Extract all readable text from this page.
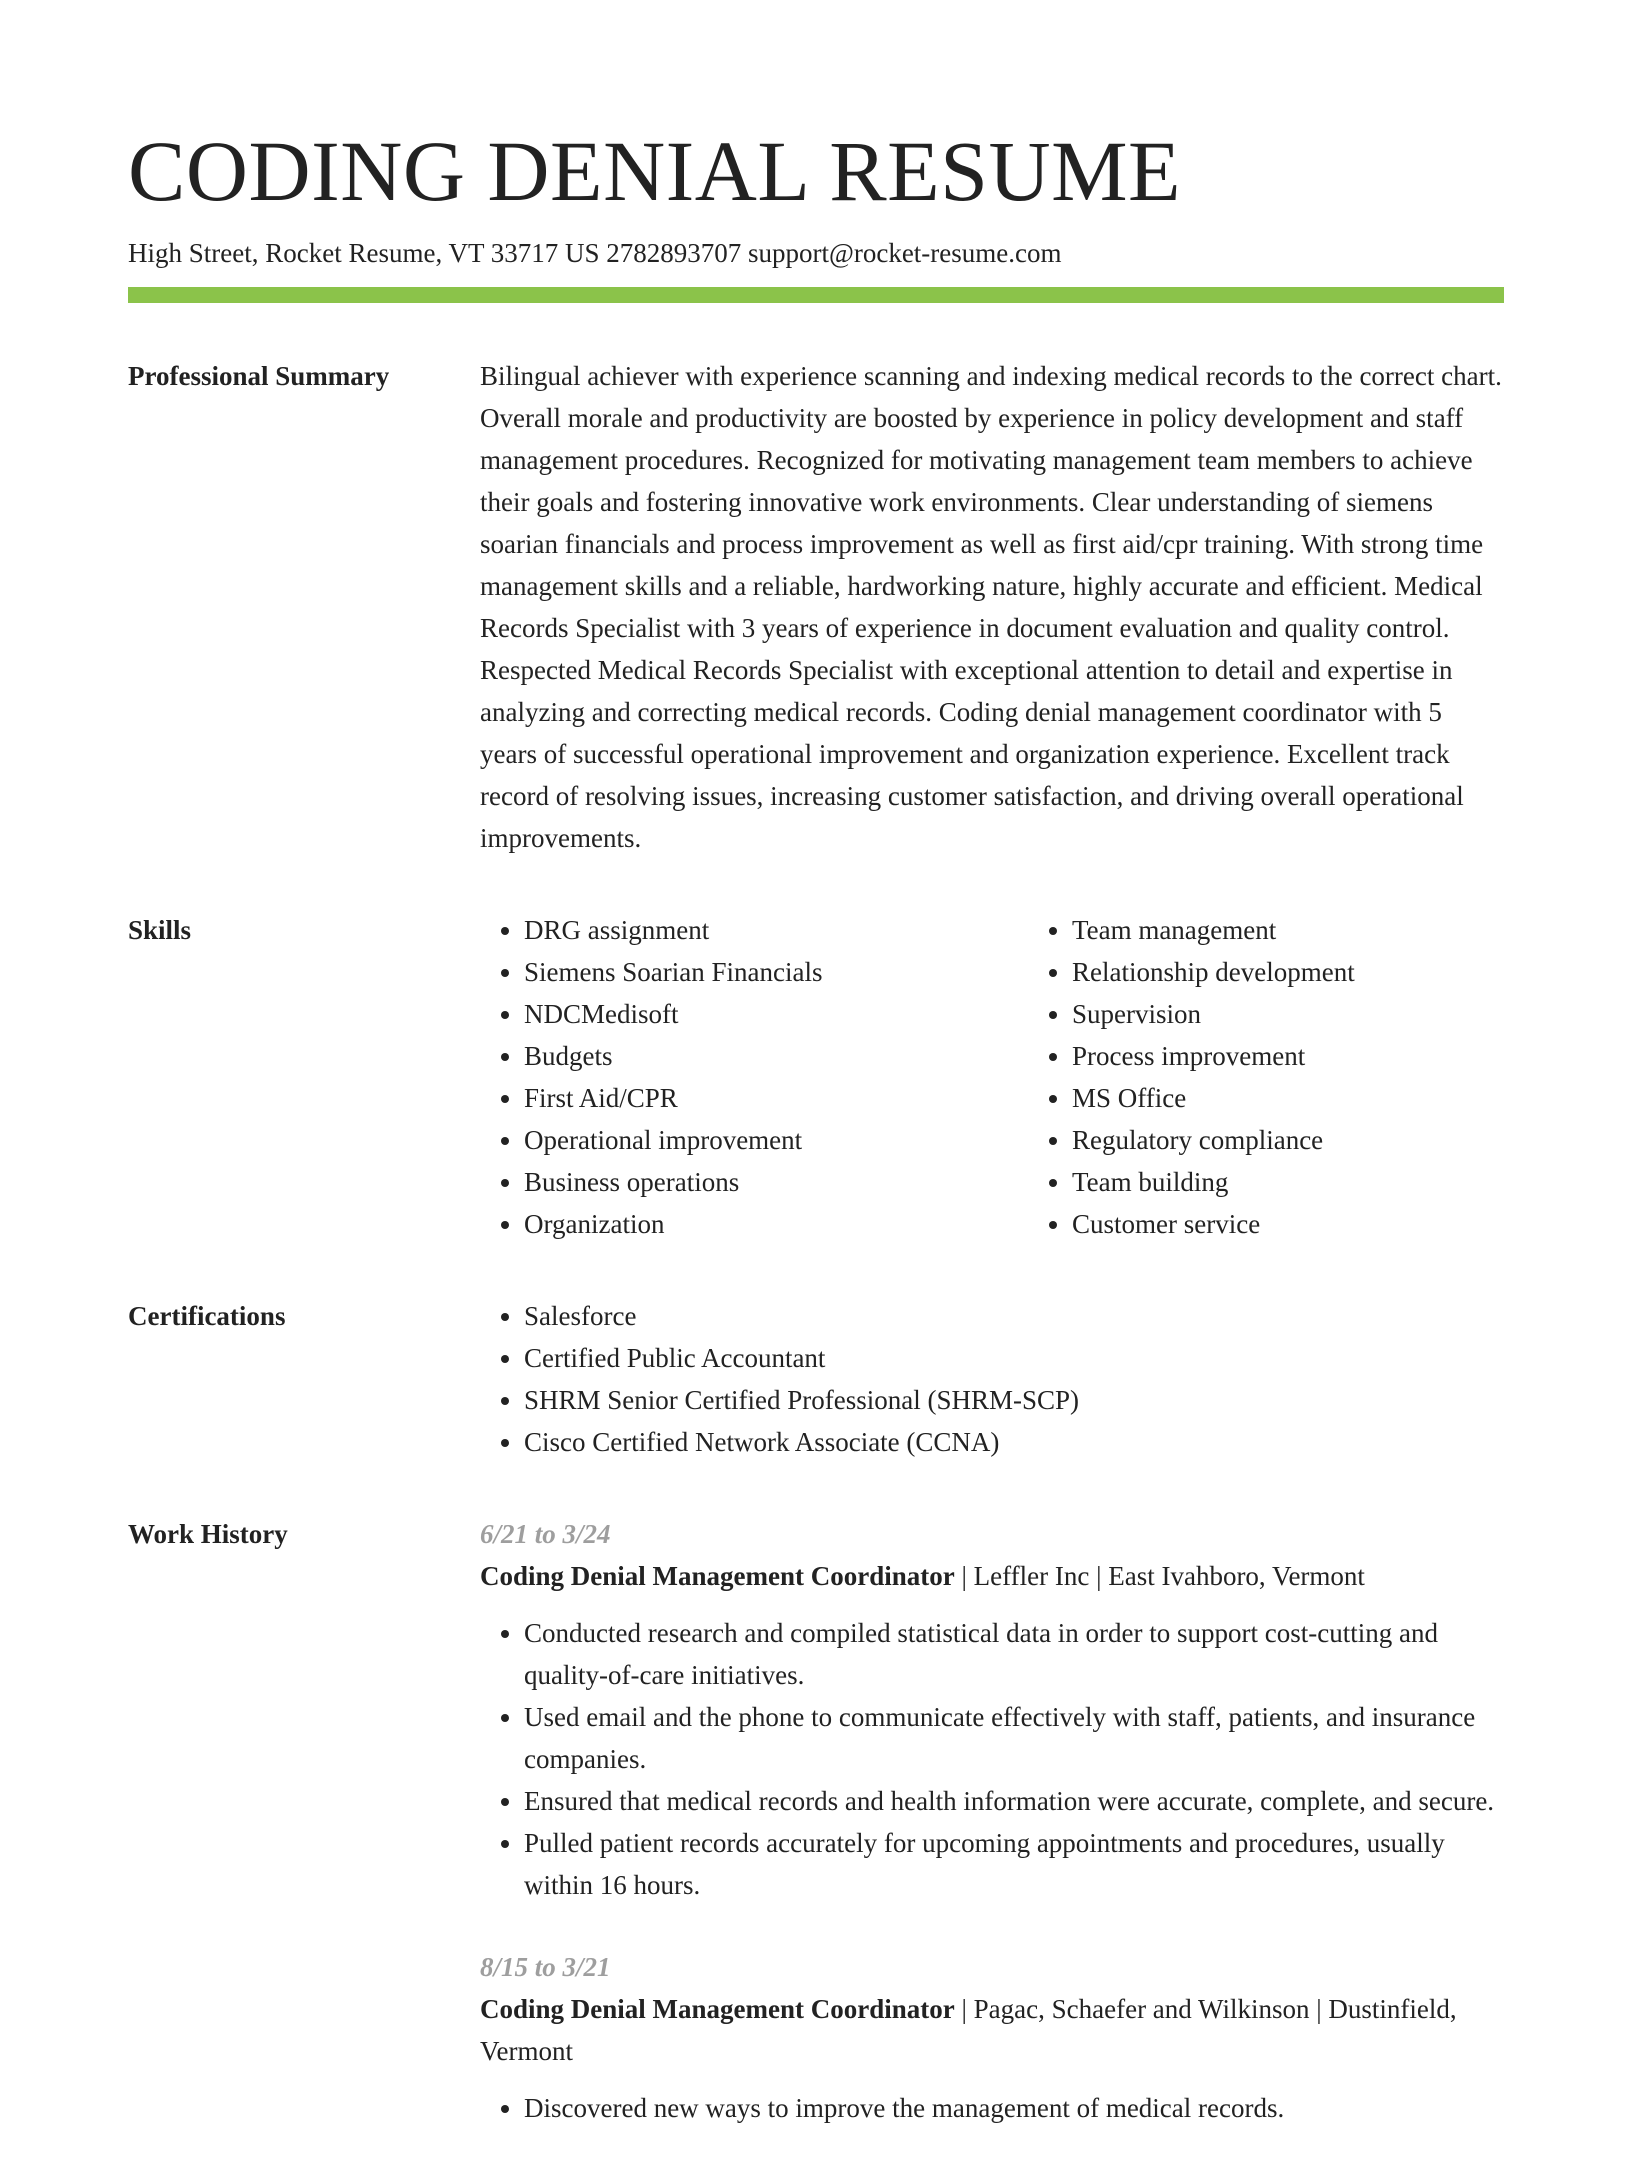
CODING DENIAL RESUME
High Street, Rocket Resume, VT 33717 US 2782893707 support@rocket-resume.com
Professional Summary	Bilingual achiever with experience scanning and indexing medical records to the correct chart. Overall morale and productivity are boosted by experience in policy development and staff management procedures. Recognized for motivating management team members to achieve their goals and fostering innovative work environments. Clear understanding of siemens soarian financials and process improvement as well as first aid/cpr training. With strong time management skills and a reliable, hardworking nature, highly accurate and efficient. Medical Records Specialist with 3 years of experience in document evaluation and quality control. Respected Medical Records Specialist with exceptional attention to detail and expertise in analyzing and correcting medical records. Coding denial management coordinator with 5 years of successful operational improvement and organization experience. Excellent track record of resolving issues, increasing customer satisfaction, and driving overall operational improvements.

Skills	• DRG assignment
• Siemens Soarian Financials
• NDCMedisoft
• Budgets
• First Aid/CPR
• Operational improvement
• Business operations
• Organization
• Team management
• Relationship development
• Supervision
• Process improvement
• MS Office
• Regulatory compliance
• Team building
• Customer service
Certifications	• Salesforce
• Certified Public Accountant
• SHRM Senior Certified Professional (SHRM-SCP)
• Cisco Certified Network Associate (CCNA)
Work History	6/21 to 3/24
Coding Denial Management Coordinator | Leffler Inc | East Ivahboro, Vermont
• Conducted research and compiled statistical data in order to support cost-cutting and quality-of-care initiatives.
• Used email and the phone to communicate effectively with staff, patients, and insurance companies.
• Ensured that medical records and health information were accurate, complete, and secure.
• Pulled patient records accurately for upcoming appointments and procedures, usually within 16 hours.
8/15 to 3/21
Coding Denial Management Coordinator | Pagac, Schaefer and Wilkinson | Dustinfield, Vermont
• Discovered new ways to improve the management of medical records.
